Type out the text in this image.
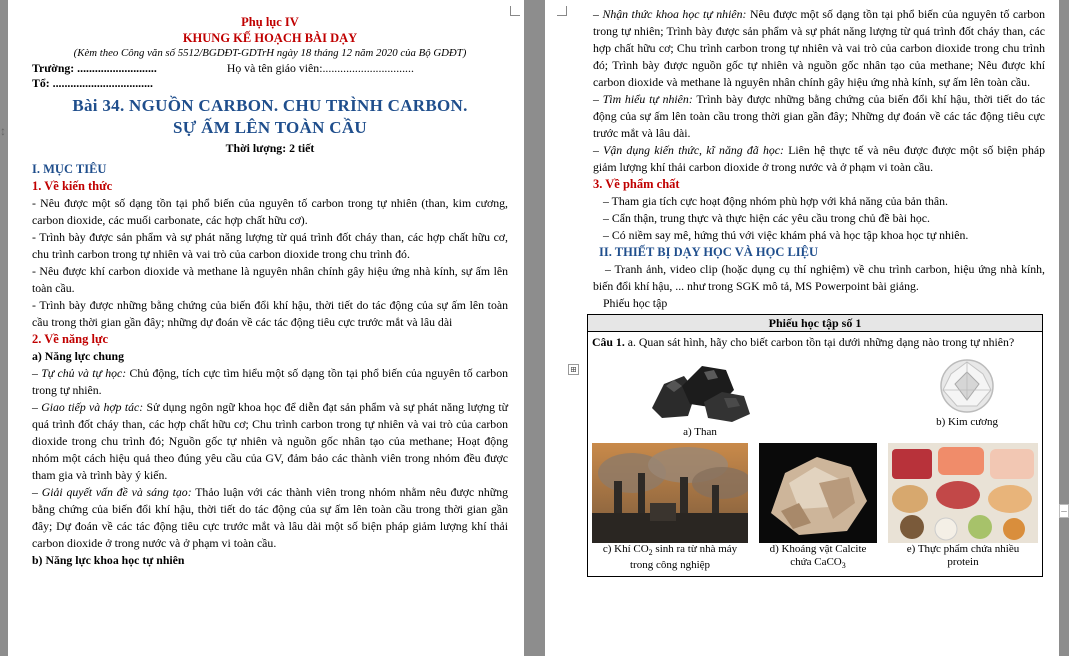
↕
Phụ lục IV
KHUNG KẾ HOẠCH BÀI DẠY
(Kèm theo Công văn số 5512/BGDĐT-GDTrH ngày 18 tháng 12 năm 2020 của Bộ GDĐT)
Trường: ...........................	Họ và tên giáo viên:...............................
Tổ: ..................................
Bài 34. NGUỒN CARBON. CHU TRÌNH CARBON.
SỰ ẤM LÊN TOÀN CẦU
Thời lượng: 2 tiết
I. MỤC TIÊU
1. Về kiến thức

- Nêu được một số dạng tồn tại phổ biến của nguyên tố carbon trong tự nhiên (than, kim cương, carbon dioxide, các muối carbonate, các hợp chất hữu cơ).

- Trình bày được sản phẩm và sự phát năng lượng từ quá trình đốt cháy than, các hợp chất hữu cơ, chu trình carbon trong tự nhiên và vai trò của carbon dioxide trong chu trình đó.

- Nêu được khí carbon dioxide và methane là nguyên nhân chính gây hiệu ứng nhà kính, sự ấm lên toàn cầu.

- Trình bày được những bằng chứng của biến đổi khí hậu, thời tiết do tác động của sự ấm lên toàn cầu trong thời gian gần đây; những dự đoán về các tác động tiêu cực trước mắt và lâu dài

2. Về năng lực
a) Năng lực chung

– Tự chủ và tự học: Chủ động, tích cực tìm hiểu một số dạng tồn tại phổ biến của nguyên tố carbon trong tự nhiên.

– Giao tiếp và hợp tác: Sử dụng ngôn ngữ khoa học để diễn đạt sản phẩm và sự phát năng lượng từ quá trình đốt cháy than, các hợp chất hữu cơ; Chu trình carbon trong tự nhiên và vai trò của carbon dioxide trong chu trình đó; Nguồn gốc tự nhiên và nguồn gốc nhân tạo của methane; Hoạt động nhóm một cách hiệu quả theo đúng yêu cầu của GV, đảm bảo các thành viên trong nhóm đều được tham gia và trình bày ý kiến.

– Giải quyết vấn đề và sáng tạo: Thảo luận với các thành viên trong nhóm nhằm nêu được những bằng chứng của biến đổi khí hậu, thời tiết do tác động của sự ấm lên toàn cầu trong thời gian gần đây; Dự đoán về các tác động tiêu cực trước mắt và lâu dài một số biện pháp giảm lượng khí thải carbon dioxide ở trong nước và ở phạm vi toàn cầu.

b) Năng lực khoa học tự nhiên

– Nhận thức khoa học tự nhiên: Nêu được một số dạng tồn tại phổ biến của nguyên tố carbon trong tự nhiên; Trình bày được sản phẩm và sự phát năng lượng từ quá trình đốt cháy than, các hợp chất hữu cơ; Chu trình carbon trong tự nhiên và vai trò của carbon dioxide trong chu trình đó; Trình bày được nguồn gốc tự nhiên và nguồn gốc nhân tạo của methane; Nêu được khí carbon dioxide và methane là nguyên nhân chính gây hiệu ứng nhà kính, sự ấm lên toàn cầu.

– Tìm hiểu tự nhiên: Trình bày được những bằng chứng của biến đổi khí hậu, thời tiết do tác động của sự ấm lên toàn cầu trong thời gian gần đây; Những dự đoán về các tác động tiêu cực trước mắt và lâu dài.

– Vận dụng kiến thức, kĩ năng đã học: Liên hệ thực tế và nêu được được một số biện pháp giảm lượng khí thải carbon dioxide ở trong nước và ở phạm vi toàn cầu.

3. Về phẩm chất

– Tham gia tích cực hoạt động nhóm phù hợp với khả năng của bản thân.

– Cẩn thận, trung thực và thực hiện các yêu cầu trong chủ đề bài học.

– Có niềm say mê, hứng thú với việc khám phá và học tập khoa học tự nhiên.

II. THIẾT BỊ DẠY HỌC VÀ HỌC LIỆU

– Tranh ảnh, video clip (hoặc dụng cụ thí nghiệm) về chu trình carbon, hiệu ứng nhà kính, biến đổi khí hậu, ... như trong SGK mô tả, MS Powerpoint bài giảng.

Phiếu học tập
Phiếu học tập số 1
Câu 1. a. Quan sát hình, hãy cho biết carbon tồn tại dưới những dạng nào trong tự nhiên?
a) Than
b) Kim cương
c) Khí $CO_2$ sinh ra từ nhà máy
trong công nghiệp
d) Khoáng vật Calcite
chứa CaCO$_3$
e) Thực phẩm chứa nhiều
protein
⊞
–
